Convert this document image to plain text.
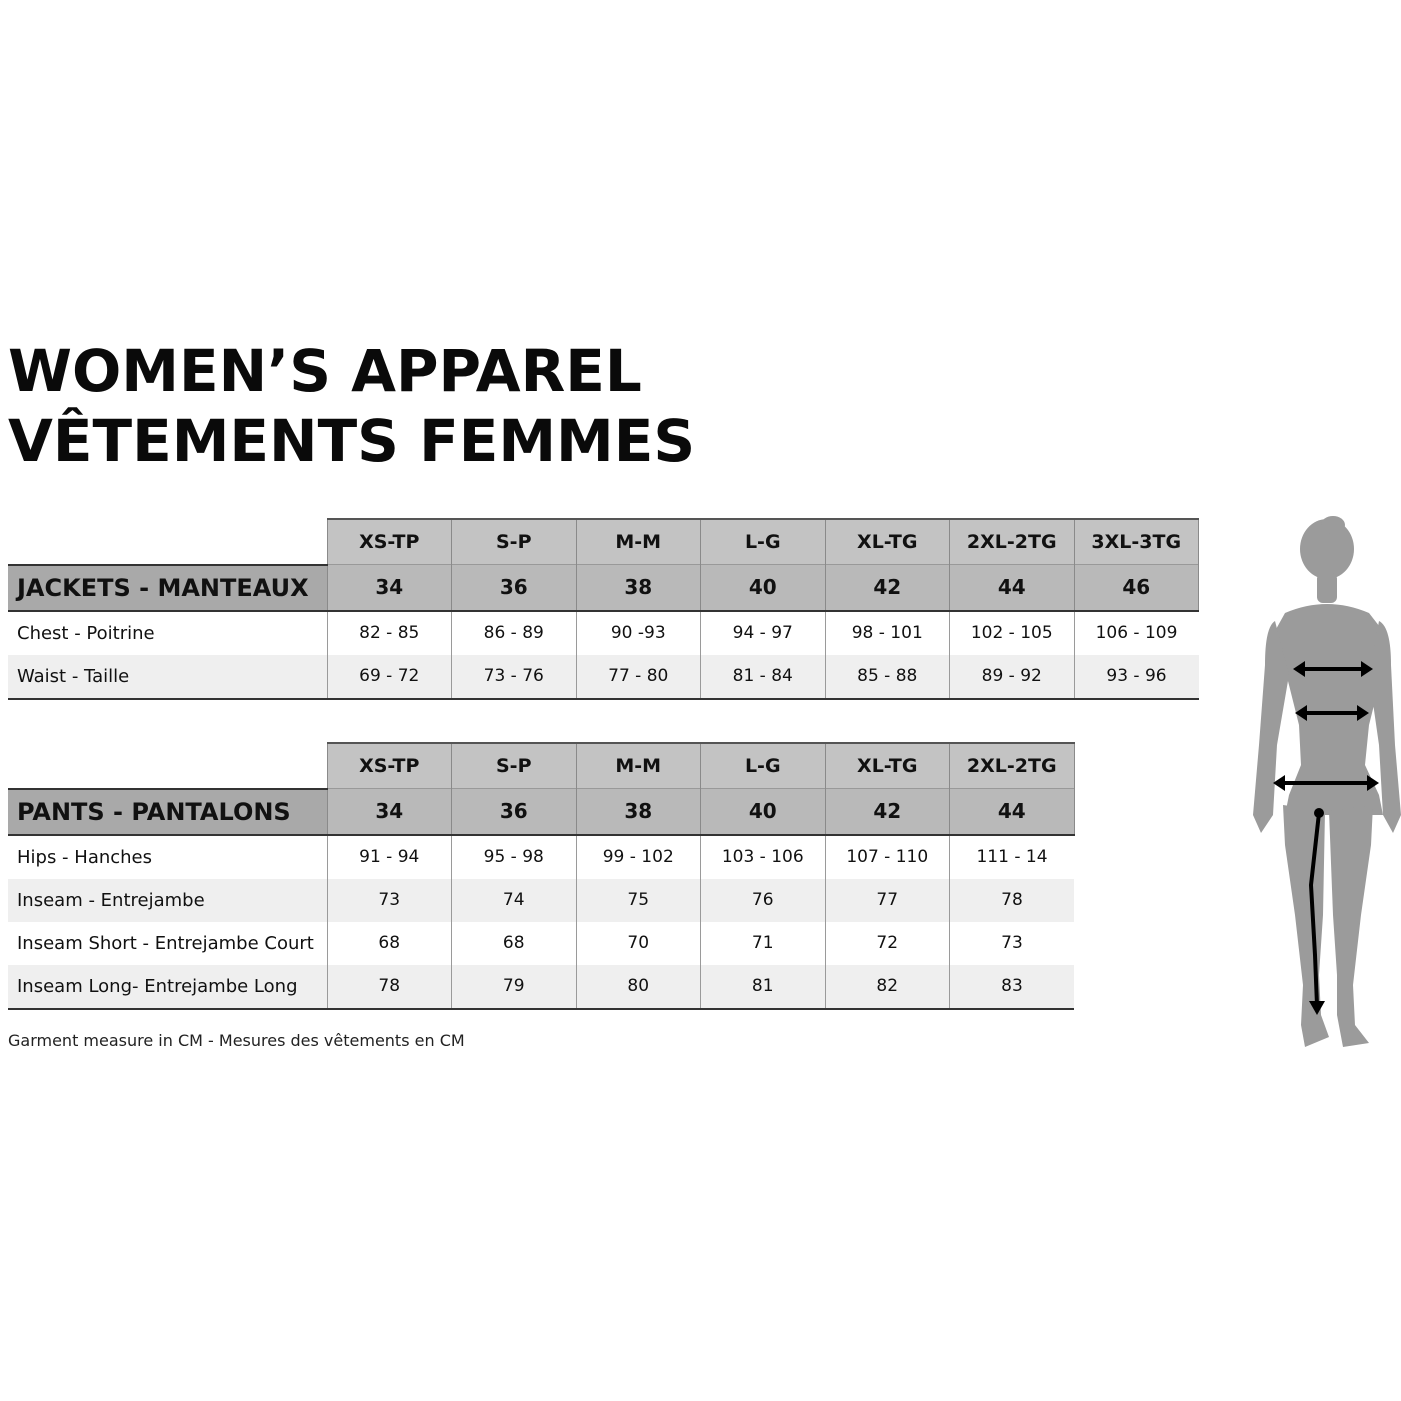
WOMEN’S APPAREL
VÊTEMENTS FEMMES
	XS-TP	S-P	M-M	L-G	XL-TG	2XL-2TG	3XL-3TG
JACKETS - MANTEAUX	34	36	38	40	42	44	46
Chest - Poitrine	82 - 85	86 - 89	90 -93	94 - 97	98 - 101	102 - 105	106 - 109
Waist - Taille	69 - 72	73 - 76	77 - 80	81 - 84	85 - 88	89 - 92	93 - 96
	XS-TP	S-P	M-M	L-G	XL-TG	2XL-2TG
PANTS - PANTALONS	34	36	38	40	42	44
Hips - Hanches	91 - 94	95 - 98	99 - 102	103 - 106	107 - 110	111 - 14
Inseam - Entrejambe	73	74	75	76	77	78
Inseam Short - Entrejambe Court	68	68	70	71	72	73
Inseam Long- Entrejambe Long	78	79	80	81	82	83

Garment measure in CM - Mesures des vêtements en CM
